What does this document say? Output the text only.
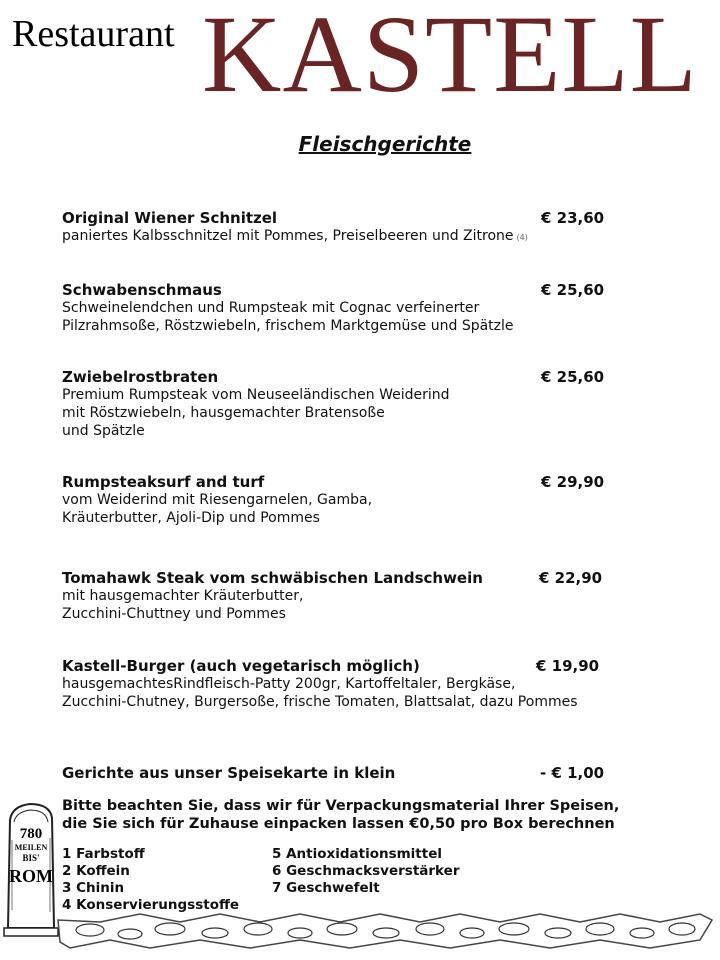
Restaurant KASTELL
Fleischgerichte
Original Wiener Schnitzel	€ 23,60
paniertes Kalbsschnitzel mit Pommes, Preiselbeeren und Zitrone (4)
Schwabenschmaus	€ 25,60
Schweinelendchen und Rumpsteak mit Cognac verfeinerter
Pilzrahmsoße, Röstzwiebeln, frischem Marktgemüse und Spätzle
Zwiebelrostbraten	€ 25,60
Premium Rumpsteak vom Neuseeländischen Weiderind
mit Röstzwiebeln, hausgemachter Bratensoße
und Spätzle
Rumpsteaksurf and turf	€ 29,90
vom Weiderind mit Riesengarnelen, Gamba,
Kräuterbutter, Ajoli-Dip und Pommes
Tomahawk Steak vom schwäbischen Landschwein	€ 22,90
mit hausgemachter Kräuterbutter,
Zucchini-Chuttney und Pommes
Kastell-Burger (auch vegetarisch möglich)	€ 19,90
hausgemachtesRindfleisch-Patty 200gr, Kartoffeltaler, Bergkäse,
Zucchini-Chutney, Burgersoße, frische Tomaten, Blattsalat, dazu Pommes
Gerichte aus unser Speisekarte in klein	- € 1,00
Bitte beachten Sie, dass wir für Verpackungsmaterial Ihrer Speisen,
die Sie sich für Zuhause einpacken lassen €0,50 pro Box berechnen
1 Farbstoff
2 Koffein
3 Chinin
4 Konservierungsstoffe
5 Antioxidationsmittel
6 Geschmacksverstärker
7 Geschwefelt
780
MEILEN
BIS'
ROM
